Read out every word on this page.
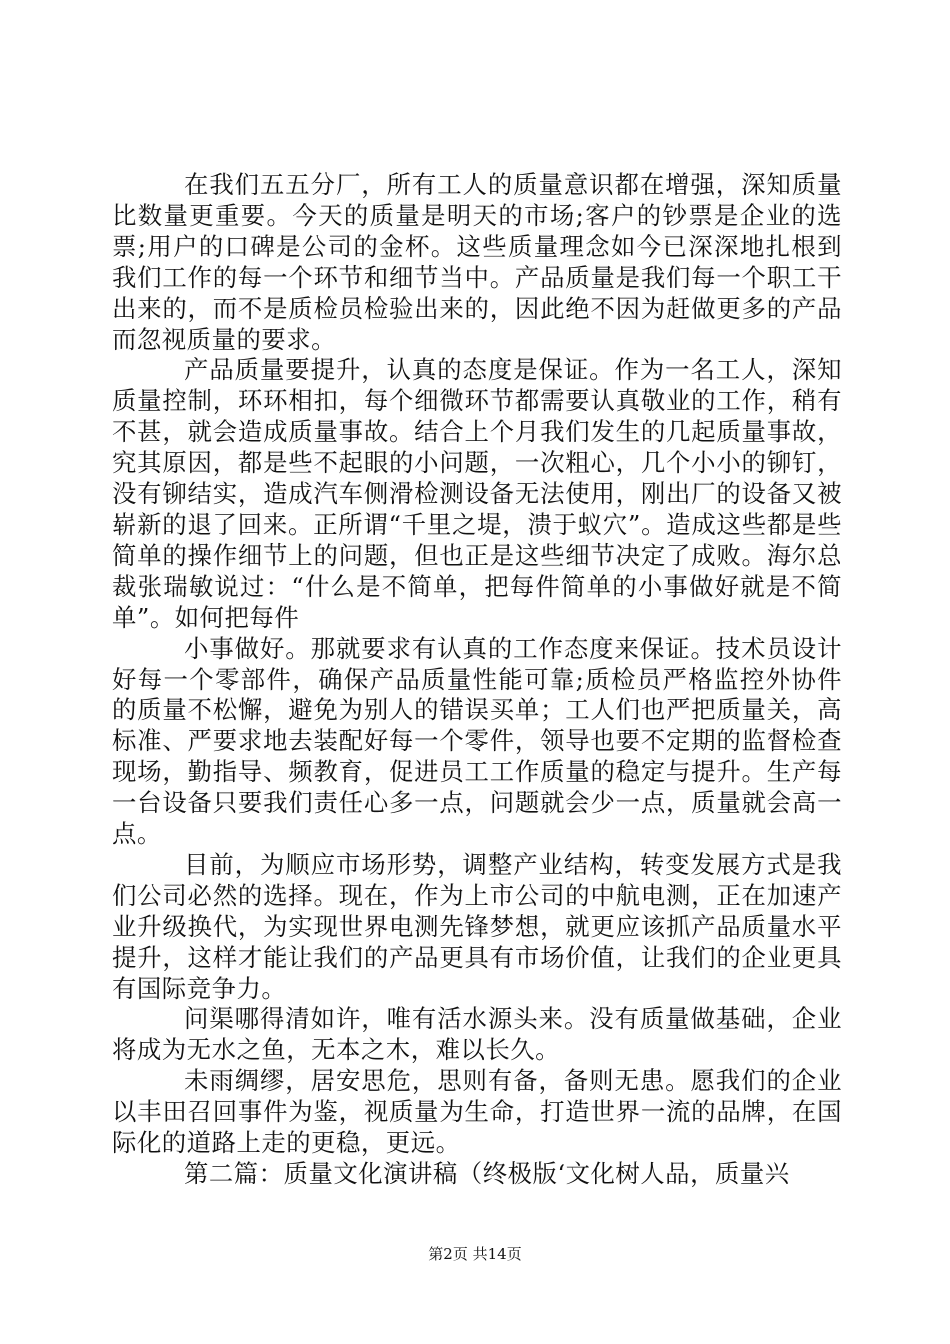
在我们五五分厂，所有工人的质量意识都在增强，深知质量比数量更重要。今天的质量是明天的市场;客户的钞票是企业的选票;用户的口碑是公司的金杯。这些质量理念如今已深深地扎根到我们工作的每一个环节和细节当中。产品质量是我们每一个职工干出来的，而不是质检员检验出来的，因此绝不因为赶做更多的产品而忽视质量的要求。

产品质量要提升，认真的态度是保证。作为一名工人，深知质量控制，环环相扣，每个细微环节都需要认真敬业的工作，稍有不甚，就会造成质量事故。结合上个月我们发生的几起质量事故，究其原因，都是些不起眼的小问题，一次粗心，几个小小的铆钉，没有铆结实，造成汽车侧滑检测设备无法使用，刚出厂的设备又被崭新的退了回来。正所谓“千里之堤，溃于蚁穴”。造成这些都是些简单的操作细节上的问题，但也正是这些细节决定了成败。海尔总裁张瑞敏说过：“什么是不简单，把每件简单的小事做好就是不简单”。如何把每件

小事做好。那就要求有认真的工作态度来保证。技术员设计好每一个零部件，确保产品质量性能可靠;质检员严格监控外协件的质量不松懈，避免为别人的错误买单；工人们也严把质量关，高标准、严要求地去装配好每一个零件，领导也要不定期的监督检查现场，勤指导、频教育，促进员工工作质量的稳定与提升。生产每一台设备只要我们责任心多一点，问题就会少一点，质量就会高一点。

目前，为顺应市场形势，调整产业结构，转变发展方式是我们公司必然的选择。现在，作为上市公司的中航电测，正在加速产业升级换代，为实现世界电测先锋梦想，就更应该抓产品质量水平提升，这样才能让我们的产品更具有市场价值，让我们的企业更具有国际竞争力。

问渠哪得清如许，唯有活水源头来。没有质量做基础，企业将成为无水之鱼，无本之木，难以长久。

未雨绸缪，居安思危，思则有备，备则无患。愿我们的企业以丰田召回事件为鉴，视质量为生命，打造世界一流的品牌，在国际化的道路上走的更稳，更远。

第二篇：质量文化演讲稿（终极版‘文化树人品，质量兴

第2页 共14页
